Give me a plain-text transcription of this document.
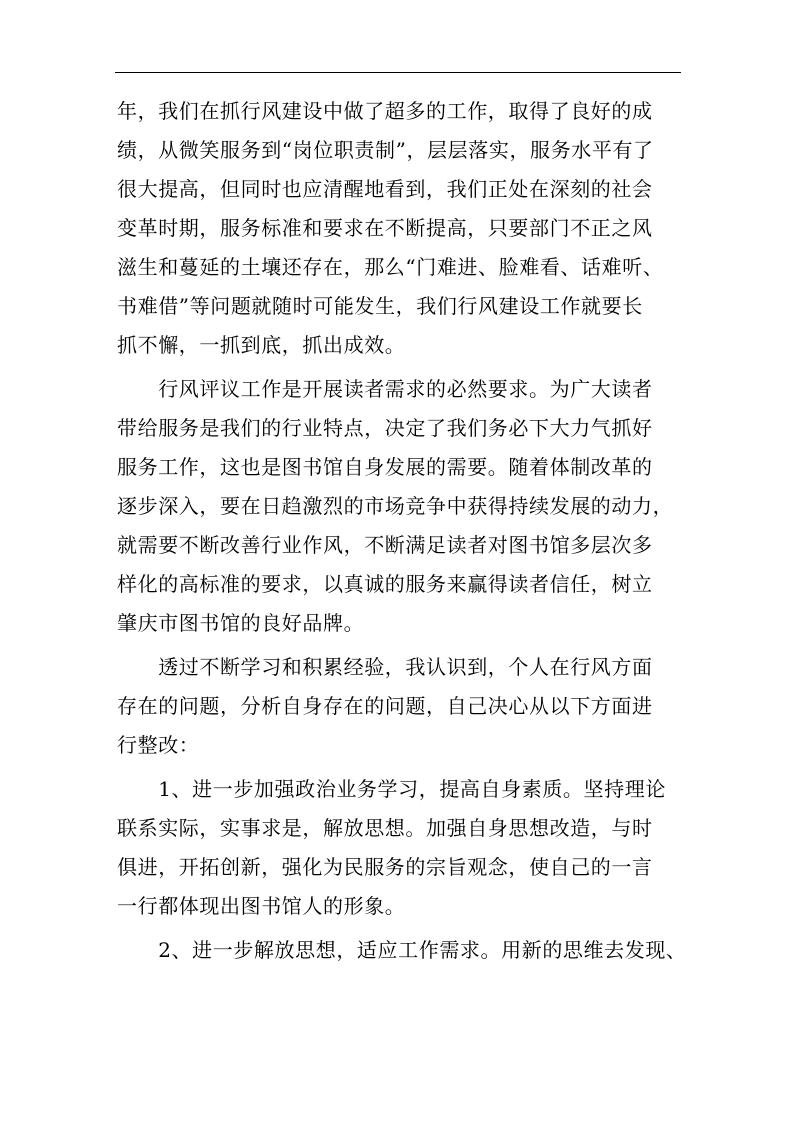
年，我们在抓行风建设中做了超多的工作，取得了良好的成
绩，从微笑服务到“岗位职责制”，层层落实，服务水平有了
很大提高，但同时也应清醒地看到，我们正处在深刻的社会
变革时期，服务标准和要求在不断提高，只要部门不正之风
滋生和蔓延的土壤还存在，那么“门难进、脸难看、话难听、
书难借”等问题就随时可能发生，我们行风建设工作就要长
抓不懈，一抓到底，抓出成效。
　　行风评议工作是开展读者需求的必然要求。为广大读者
带给服务是我们的行业特点，决定了我们务必下大力气抓好
服务工作，这也是图书馆自身发展的需要。随着体制改革的
逐步深入，要在日趋激烈的市场竞争中获得持续发展的动力，
就需要不断改善行业作风，不断满足读者对图书馆多层次多
样化的高标准的要求，以真诚的服务来赢得读者信任，树立
肇庆市图书馆的良好品牌。
　　透过不断学习和积累经验，我认识到，个人在行风方面
存在的问题，分析自身存在的问题，自己决心从以下方面进
行整改：
　　1、进一步加强政治业务学习，提高自身素质。坚持理论
联系实际，实事求是，解放思想。加强自身思想改造，与时
俱进，开拓创新，强化为民服务的宗旨观念，使自己的一言
一行都体现出图书馆人的形象。
　　2、进一步解放思想，适应工作需求。用新的思维去发现、
